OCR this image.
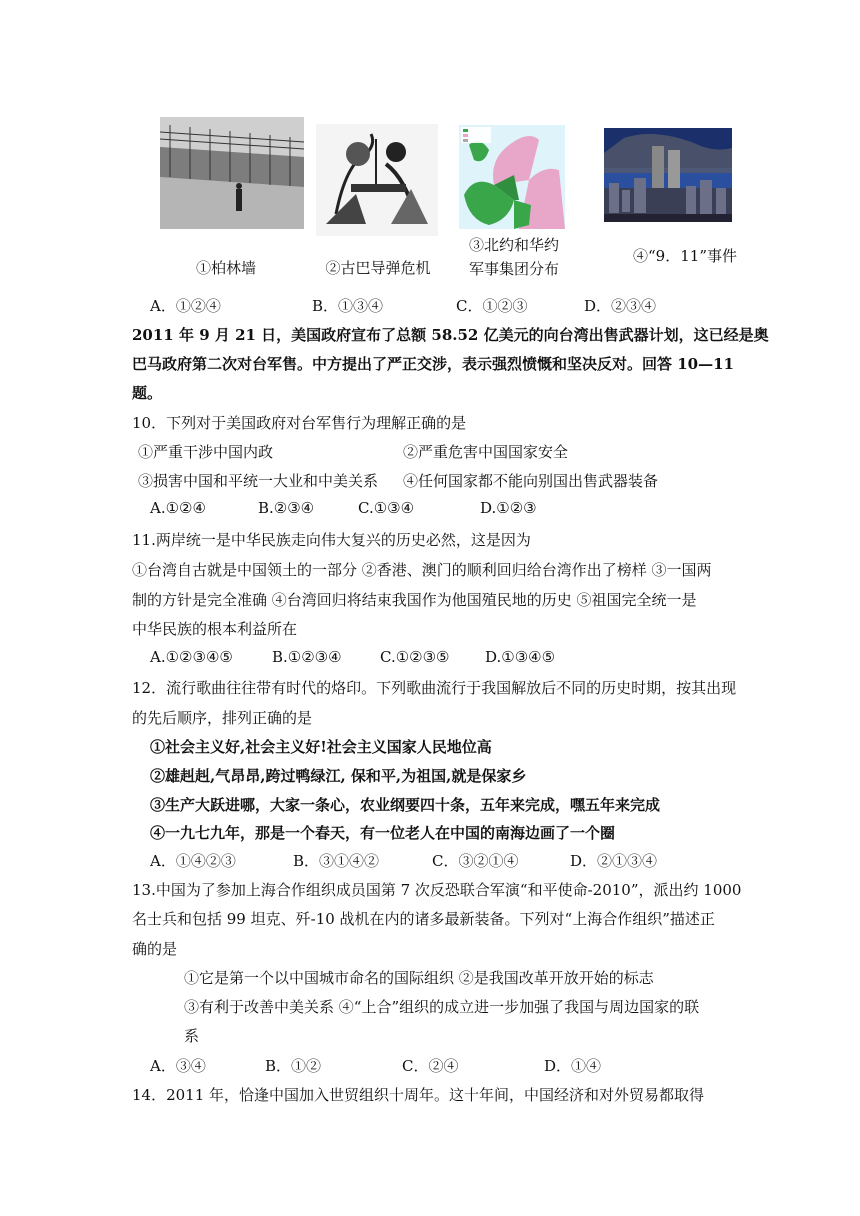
①柏林墙	②古巴导弹危机
③北约和华约
军事集团分布
④“9．11”事件
A．①②④	B．①③④	C．①②③	D．②③④
2011 年 9 月 21 日，美国政府宣布了总额 58.52 亿美元的向台湾出售武器计划，这已经是奥
巴马政府第二次对台军售。中方提出了严正交涉，表示强烈愤慨和坚决反对。回答 10—11
题。
10．下列对于美国政府对台军售行为理解正确的是
①严重干涉中国内政	②严重危害中国国家安全
③损害中国和平统一大业和中美关系 ④任何国家都不能向别国出售武器装备
A.①②④	B.②③④	C.①③④	D.①②③
11.两岸统一是中华民族走向伟大复兴的历史必然，这是因为
①台湾自古就是中国领土的一部分 ②香港、澳门的顺利回归给台湾作出了榜样 ③一国两
制的方针是完全准确 ④台湾回归将结束我国作为他国殖民地的历史 ⑤祖国完全统一是
中华民族的根本利益所在
A.①②③④⑤	B.①②③④	C.①②③⑤ D.①③④⑤
12．流行歌曲往往带有时代的烙印。下列歌曲流行于我国解放后不同的历史时期，按其出现
的先后顺序，排列正确的是
①社会主义好,社会主义好!社会主义国家人民地位高
②雄赳赳,气昂昂,跨过鸭绿江, 保和平,为祖国,就是保家乡
③生产大跃进哪，大家一条心，农业纲要四十条，五年来完成，嘿五年来完成
④一九七九年，那是一个春天，有一位老人在中国的南海边画了一个圈
A．①④②③	B．③①④②	C．③②①④	D．②①③④
13.中国为了参加上海合作组织成员国第 7 次反恐联合军演“和平使命-2010”，派出约 1000
名士兵和包括 99 坦克、歼-10 战机在内的诸多最新装备。下列对“上海合作组织”描述正
确的是
①它是第一个以中国城市命名的国际组织 ②是我国改革开放开始的标志
③有利于改善中美关系 ④“上合”组织的成立进一步加强了我国与周边国家的联
系
A．③④	B．①②	C．②④	D．①④
14．2011 年，恰逢中国加入世贸组织十周年。这十年间，中国经济和对外贸易都取得
